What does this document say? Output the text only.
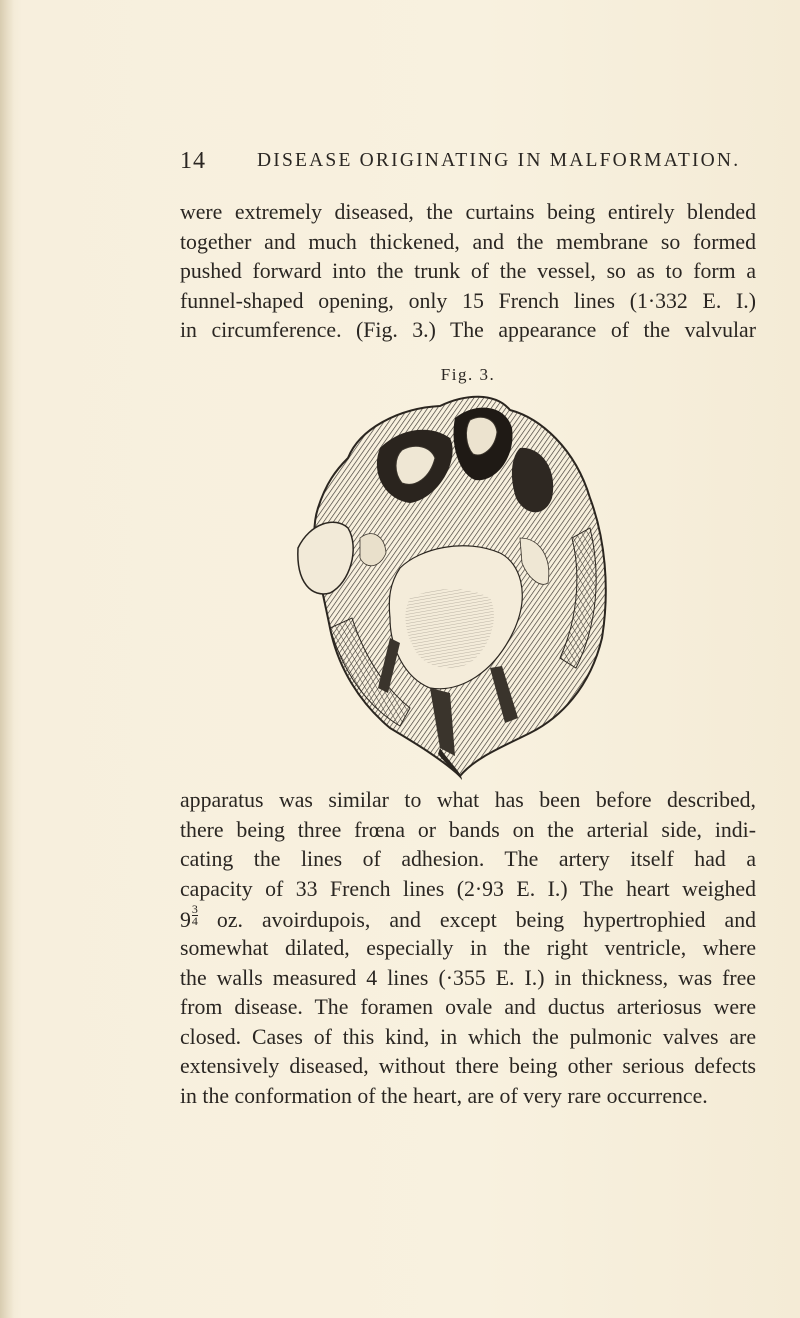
14	DISEASE ORIGINATING IN MALFORMATION.
were extremely diseased, the curtains being entirely blended
together and much thickened, and the membrane so formed
pushed forward into the trunk of the vessel, so as to form a
funnel-shaped opening, only 15 French lines (1·332 E. I.)
in circumference. (Fig. 3.) The appearance of the valvular
Fig. 3.
apparatus was similar to what has been before described,
there being three frœna or bands on the arterial side, indi-
cating the lines of adhesion. The artery itself had a
capacity of 33 French lines (2·93 E. I.) The heart weighed
$9 \frac{3}{4}$ oz. avoirdupois, and except being hypertrophied and
somewhat dilated, especially in the right ventricle, where
the walls measured 4 lines (·355 E. I.) in thickness, was free
from disease. The foramen ovale and ductus arteriosus were
closed. Cases of this kind, in which the pulmonic valves are
extensively diseased, without there being other serious defects
in the conformation of the heart, are of very rare occurrence.
